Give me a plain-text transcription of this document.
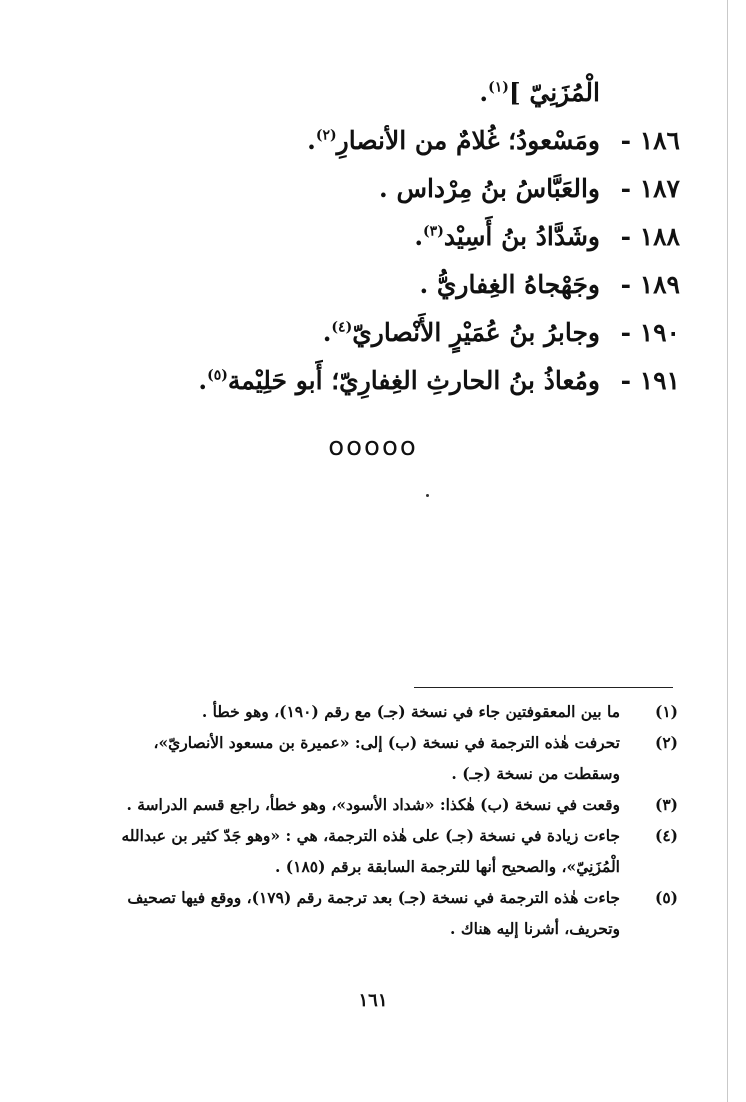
الْمُزَنِيّ ]$^{(١)}$.
١٨٦ -
ومَسْعودُ؛ غُلامٌ من الأنصارِ$^{(٢)}$.
١٨٧ -
والعَبَّاسُ بنُ مِرْداس .
١٨٨ -
وشَدَّادُ بنُ أَسِيْد$^{(٣)}$.
١٨٩ -
وجَهْجاهُ الغِفاريُّ .
١٩٠ -
وجابرُ بنُ عُمَيْرٍ الأَنْصاريّ$^{(٤)}$.
١٩١ -
ومُعاذُ بنُ الحارثِ الغِفارِيّ؛ أَبو حَلِيْمة$^{(٥)}$.
ooooo
(١)
ما بين المعقوفتين جاء في نسخة (جـ) مع رقم (١٩٠)، وهو خطأ .
(٢)
تحرفت هٰذه الترجمة في نسخة (ب) إلى: «عميرة بن مسعود الأنصاريّ»،
وسقطت من نسخة (جـ) .
(٣)
وقعت في نسخة (ب) هٰكذا: «شداد الأسود»، وهو خطأ، راجع قسم الدراسة .
(٤)
جاءت زيادة في نسخة (جـ) على هٰذه الترجمة، هي : «وهو جَدّ كثير بن عبدالله
الْمُزَنِيّ»، والصحيح أنها للترجمة السابقة برقم (١٨٥) .
(٥)
جاءت هٰذه الترجمة في نسخة (جـ) بعد ترجمة رقم (١٧٩)، ووقع فيها تصحيف
وتحريف، أشرنا إليه هناك .
١٦١
